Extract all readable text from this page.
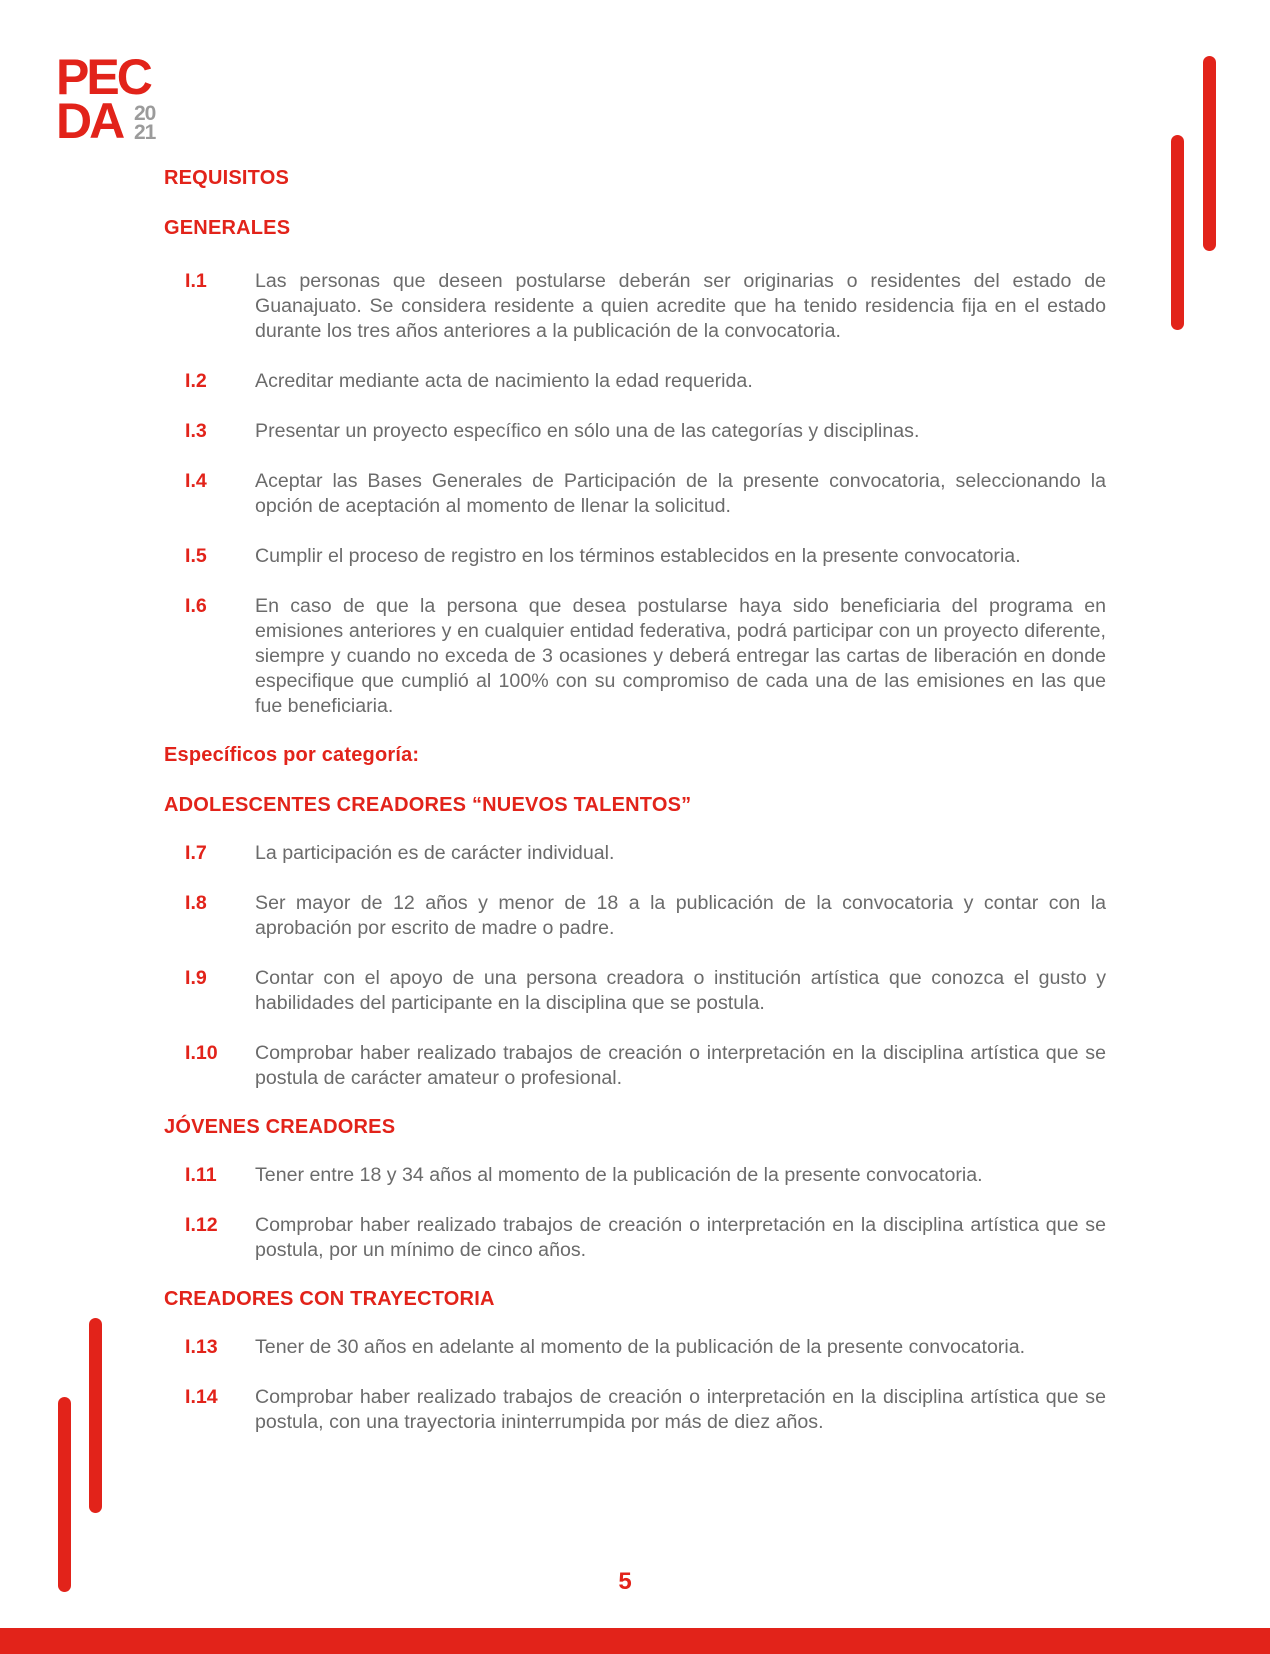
PEC
DA 20
21
REQUISITOS
GENERALES

I.1 Las personas que deseen postularse deberán ser originarias o residentes del estado de Guanajuato. Se considera residente a quien acredite que ha tenido residencia fija en el estado durante los tres años anteriores a la publicación de la convocatoria.

I.2 Acreditar mediante acta de nacimiento la edad requerida.

I.3 Presentar un proyecto específico en sólo una de las categorías y disciplinas.

I.4 Aceptar las Bases Generales de Participación de la presente convocatoria, seleccionando la opción de aceptación al momento de llenar la solicitud.

I.5 Cumplir el proceso de registro en los términos establecidos en la presente convocatoria.

I.6 En caso de que la persona que desea postularse haya sido beneficiaria del programa en emisiones anteriores y en cualquier entidad federativa, podrá participar con un proyecto diferente, siempre y cuando no exceda de 3 ocasiones y deberá entregar las cartas de liberación en donde especifique que cumplió al 100% con su compromiso de cada una de las emisiones en las que fue beneficiaria.

Específicos por categoría:
ADOLESCENTES CREADORES “NUEVOS TALENTOS”

I.7 La participación es de carácter individual.

I.8 Ser mayor de 12 años y menor de 18 a la publicación de la convocatoria y contar con la aprobación por escrito de madre o padre.

I.9 Contar con el apoyo de una persona creadora o institución artística que conozca el gusto y habilidades del participante en la disciplina que se postula.

I.10 Comprobar haber realizado trabajos de creación o interpretación en la disciplina artística que se postula de carácter amateur o profesional.

JÓVENES CREADORES

I.11 Tener entre 18 y 34 años al momento de la publicación de la presente convocatoria.

I.12 Comprobar haber realizado trabajos de creación o interpretación en la disciplina artística que se postula, por un mínimo de cinco años.

CREADORES CON TRAYECTORIA

I.13 Tener de 30 años en adelante al momento de la publicación de la presente convocatoria.

I.14 Comprobar haber realizado trabajos de creación o interpretación en la disciplina artística que se postula, con una trayectoria ininterrumpida por más de diez años.

5
